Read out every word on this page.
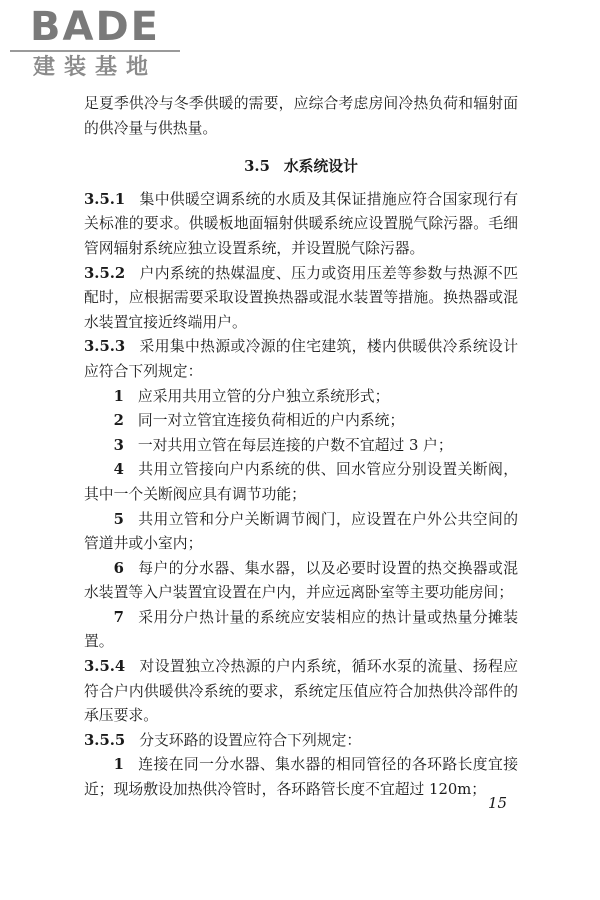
BADE
建装基地

足夏季供冷与冬季供暖的需要，应综合考虑房间冷热负荷和辐射面的供冷量与供热量。

3.5 水系统设计

3.5.1 集中供暖空调系统的水质及其保证措施应符合国家现行有关标准的要求。供暖板地面辐射供暖系统应设置脱气除污器。毛细管网辐射系统应独立设置系统，并设置脱气除污器。

3.5.2 户内系统的热媒温度、压力或资用压差等参数与热源不匹配时，应根据需要采取设置换热器或混水装置等措施。换热器或混水装置宜接近终端用户。

3.5.3 采用集中热源或冷源的住宅建筑，楼内供暖供冷系统设计应符合下列规定：

1 应采用共用立管的分户独立系统形式；

2 同一对立管宜连接负荷相近的户内系统；

3 一对共用立管在每层连接的户数不宜超过 3 户；

4 共用立管接向户内系统的供、回水管应分别设置关断阀，其中一个关断阀应具有调节功能；

5 共用立管和分户关断调节阀门，应设置在户外公共空间的管道井或小室内；

6 每户的分水器、集水器，以及必要时设置的热交换器或混水装置等入户装置宜设置在户内，并应远离卧室等主要功能房间；

7 采用分户热计量的系统应安装相应的热计量或热量分摊装置。

3.5.4 对设置独立冷热源的户内系统，循环水泵的流量、扬程应符合户内供暖供冷系统的要求，系统定压值应符合加热供冷部件的承压要求。

3.5.5 分支环路的设置应符合下列规定：

1 连接在同一分水器、集水器的相同管径的各环路长度宜接近；现场敷设加热供冷管时，各环路管长度不宜超过 120m；

15
